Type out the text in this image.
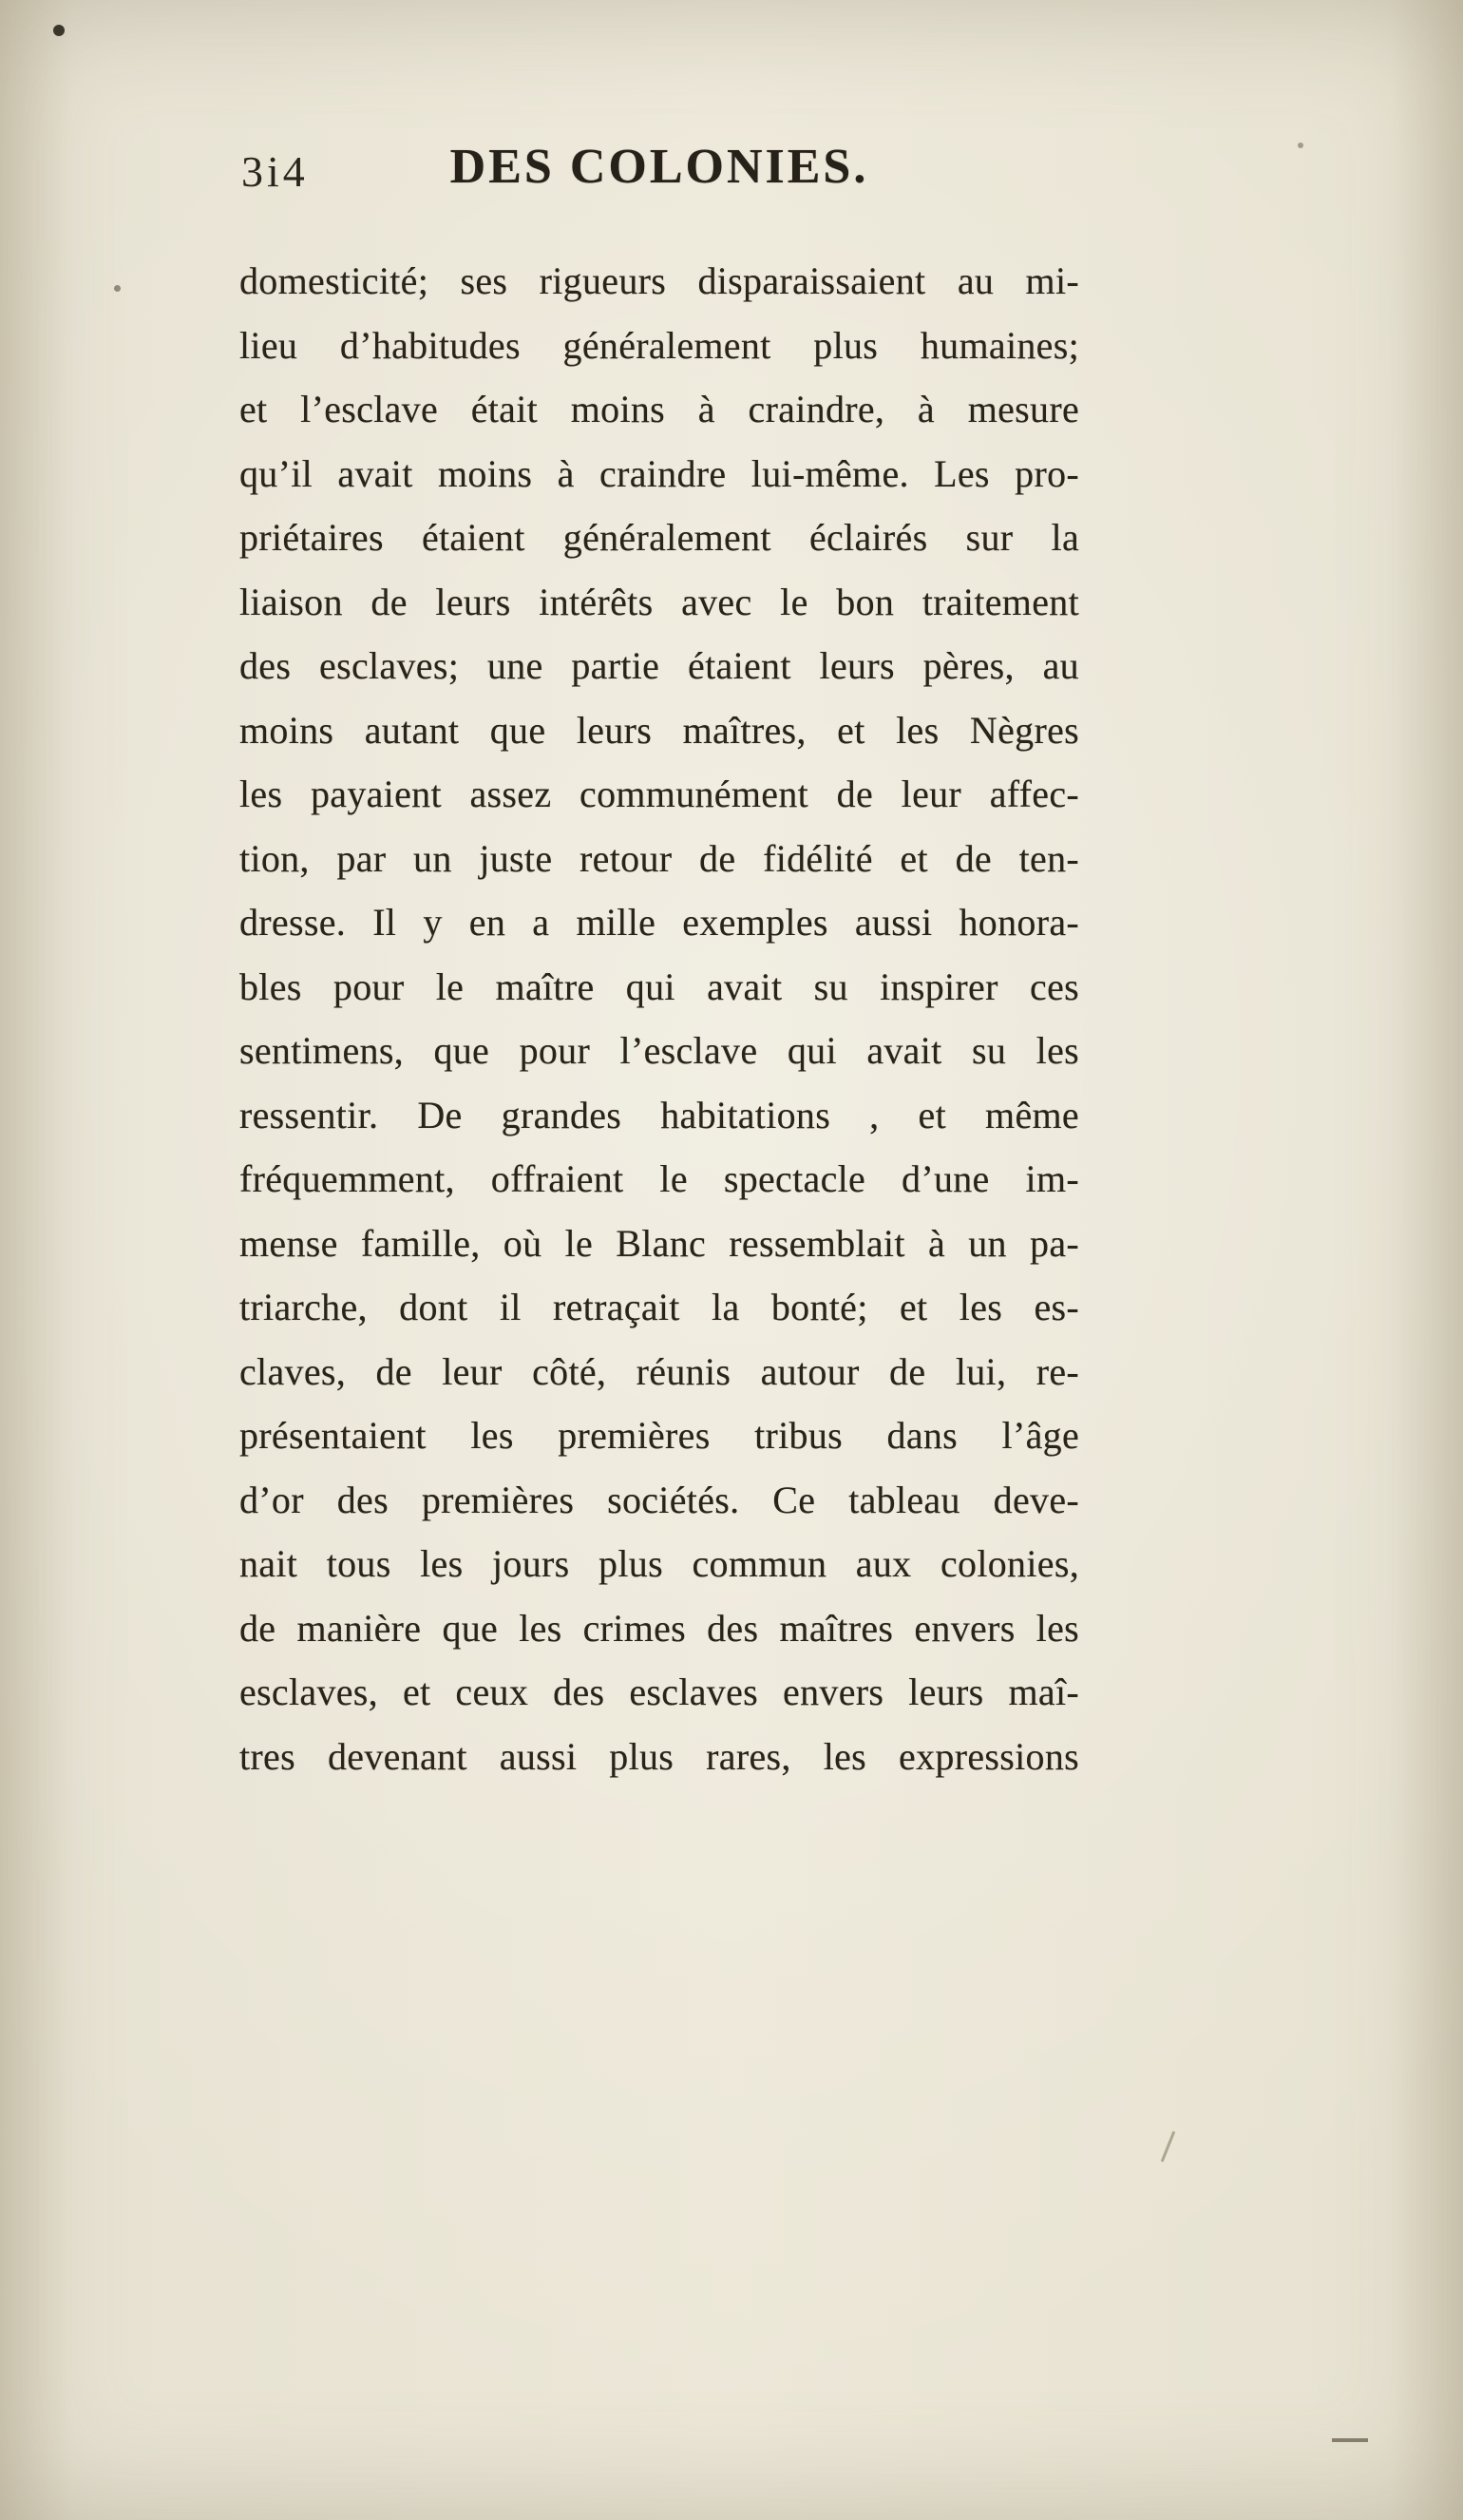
3i4	DES COLONIES.
domesticité; ses rigueurs disparaissaient au mi-
lieu d’habitudes généralement plus humaines;
et l’esclave était moins à craindre, à mesure
qu’il avait moins à craindre lui-même. Les pro-
priétaires étaient généralement éclairés sur la
liaison de leurs intérêts avec le bon traitement
des esclaves; une partie étaient leurs pères, au
moins autant que leurs maîtres, et les Nègres
les payaient assez communément de leur affec-
tion, par un juste retour de fidélité et de ten-
dresse. Il y en a mille exemples aussi honora-
bles pour le maître qui avait su inspirer ces
sentimens, que pour l’esclave qui avait su les
ressentir. De grandes habitations , et même
fréquemment, offraient le spectacle d’une im-
mense famille, où le Blanc ressemblait à un pa-
triarche, dont il retraçait la bonté; et les es-
claves, de leur côté, réunis autour de lui, re-
présentaient les premières tribus dans l’âge
d’or des premières sociétés. Ce tableau deve-
nait tous les jours plus commun aux colonies,
de manière que les crimes des maîtres envers les
esclaves, et ceux des esclaves envers leurs maî-
tres devenant aussi plus rares, les expressions
